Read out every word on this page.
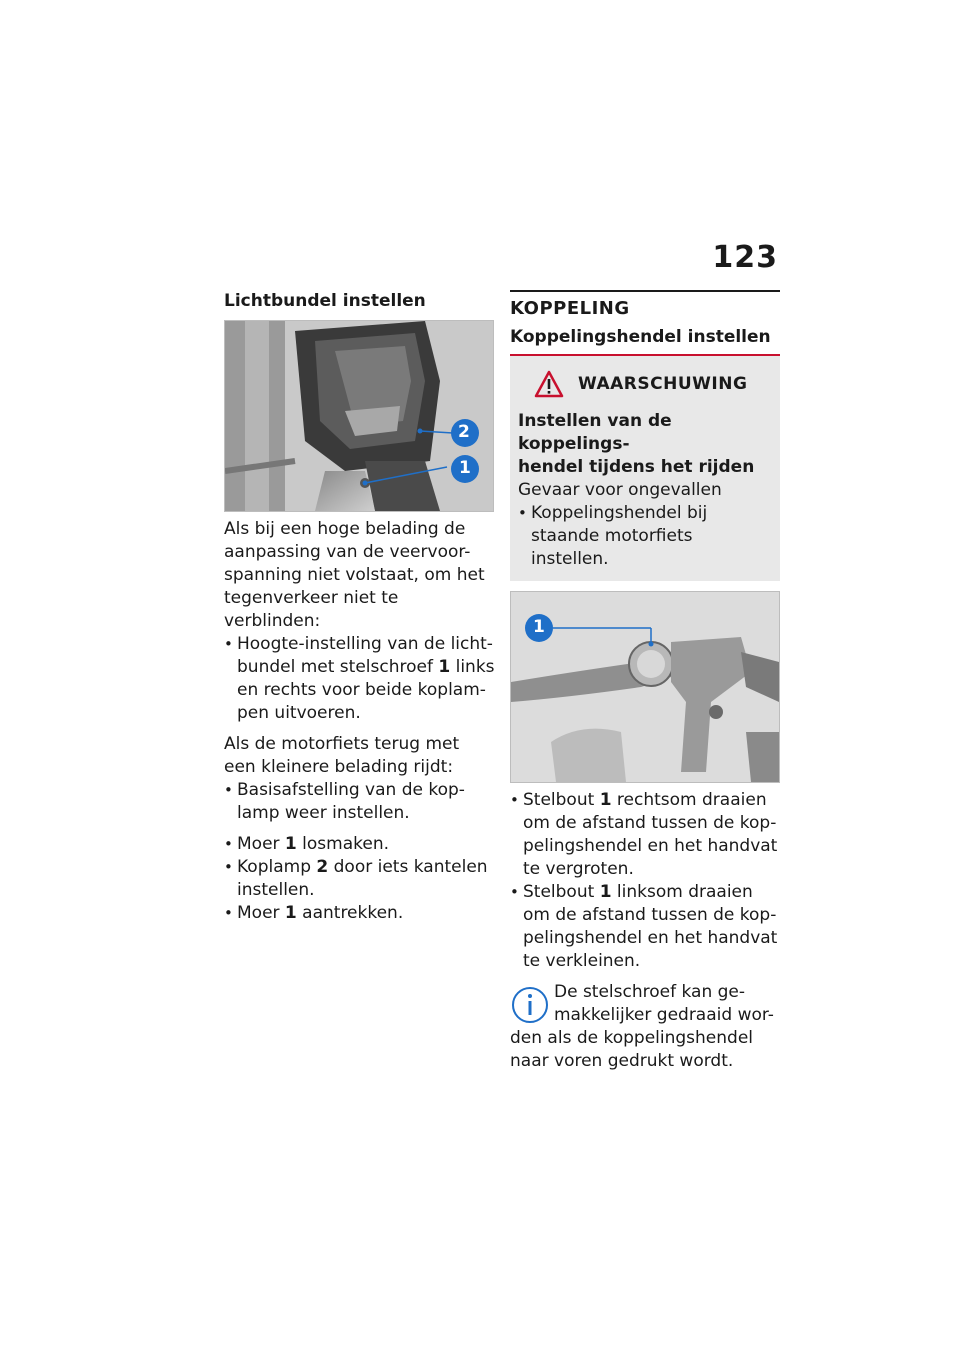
123
Lichtbundel instellen
2
1
Als bij een hoge belading de
aanpassing van de veervoor-
spanning niet volstaat, om het
tegenverkeer niet te verblinden:
• Hoogte-instelling van de licht-
bundel met stelschroef 1 links
en rechts voor beide koplam-
pen uitvoeren.
Als de motorfiets terug met
een kleinere belading rijdt:
• Basisafstelling van de kop-
lamp weer instellen.
• Moer 1 losmaken.
• Koplamp 2 door iets kantelen
instellen.
• Moer 1 aantrekken.
KOPPELING
Koppelingshendel instellen
WAARSCHUWING
Instellen van de koppelings-
hendel tijdens het rijden
Gevaar voor ongevallen
• Koppelingshendel bij
staande motorfiets instellen.
1
• Stelbout 1 rechtsom draaien
om de afstand tussen de kop-
pelingshendel en het handvat
te vergroten.
• Stelbout 1 linksom draaien
om de afstand tussen de kop-
pelingshendel en het handvat
te verkleinen.
De stelschroef kan ge-
makkelijker gedraaid wor-
den als de koppelingshendel
naar voren gedrukt wordt.
